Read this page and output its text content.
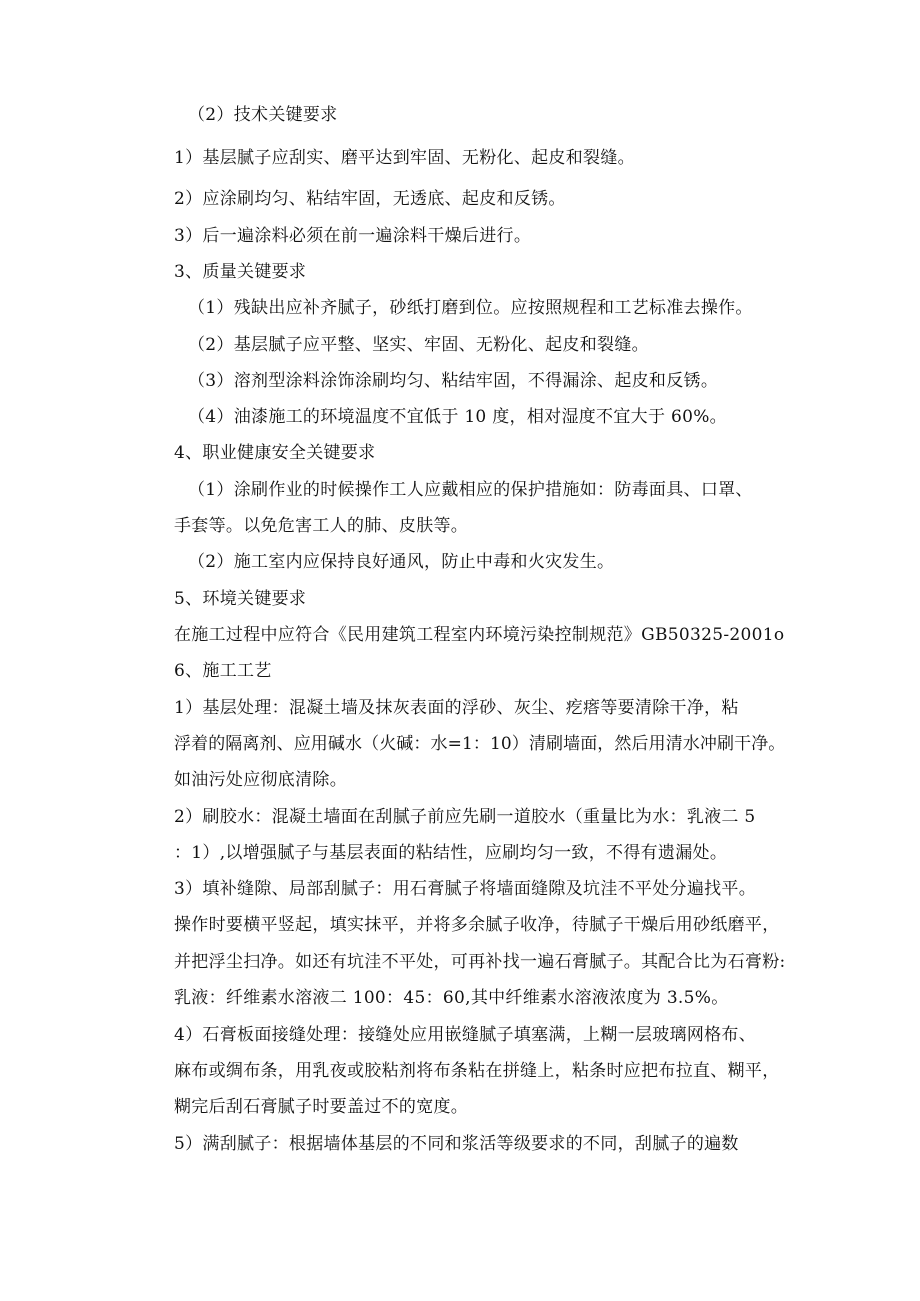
（2）技术关键要求
1）基层腻子应刮实、磨平达到牢固、无粉化、起皮和裂缝。
2）应涂刷均匀、粘结牢固，无透底、起皮和反锈。
3）后一遍涂料必须在前一遍涂料干燥后进行。
3、质量关键要求
（1）残缺出应补齐腻子，砂纸打磨到位。应按照规程和工艺标准去操作。
（2）基层腻子应平整、坚实、牢固、无粉化、起皮和裂缝。
（3）溶剂型涂料涂饰涂刷均匀、粘结牢固，不得漏涂、起皮和反锈。
（4）油漆施工的环境温度不宜低于 10 度，相对湿度不宜大于 60%。
4、职业健康安全关键要求
（1）涂刷作业的时候操作工人应戴相应的保护措施如：防毒面具、口罩、
手套等。以免危害工人的肺、皮肤等。
（2）施工室内应保持良好通风，防止中毒和火灾发生。
5、环境关键要求
在施工过程中应符合《民用建筑工程室内环境污染控制规范》GB50325-2001o
6、施工工艺
1）基层处理：混凝土墙及抹灰表面的浮砂、灰尘、疙瘩等要清除干净，粘
浮着的隔离剂、应用碱水（火碱：水=1：10）清刷墙面，然后用清水冲刷干净。
如油污处应彻底清除。
2）刷胶水：混凝土墙面在刮腻子前应先刷一道胶水（重量比为水：乳液二 5
：1）,以增强腻子与基层表面的粘结性，应刷均匀一致，不得有遗漏处。
3）填补缝隙、局部刮腻子：用石膏腻子将墙面缝隙及坑洼不平处分遍找平。
操作时要横平竖起，填实抹平，并将多余腻子收净，待腻子干燥后用砂纸磨平，
并把浮尘扫净。如还有坑洼不平处，可再补找一遍石膏腻子。其配合比为石膏粉:
乳液：纤维素水溶液二 100：45：60,其中纤维素水溶液浓度为 3.5%。
4）石膏板面接缝处理：接缝处应用嵌缝腻子填塞满，上糊一层玻璃网格布、
麻布或绸布条，用乳夜或胶粘剂将布条粘在拼缝上，粘条时应把布拉直、糊平，
糊完后刮石膏腻子时要盖过不的宽度。
5）满刮腻子：根据墙体基层的不同和浆活等级要求的不同，刮腻子的遍数
